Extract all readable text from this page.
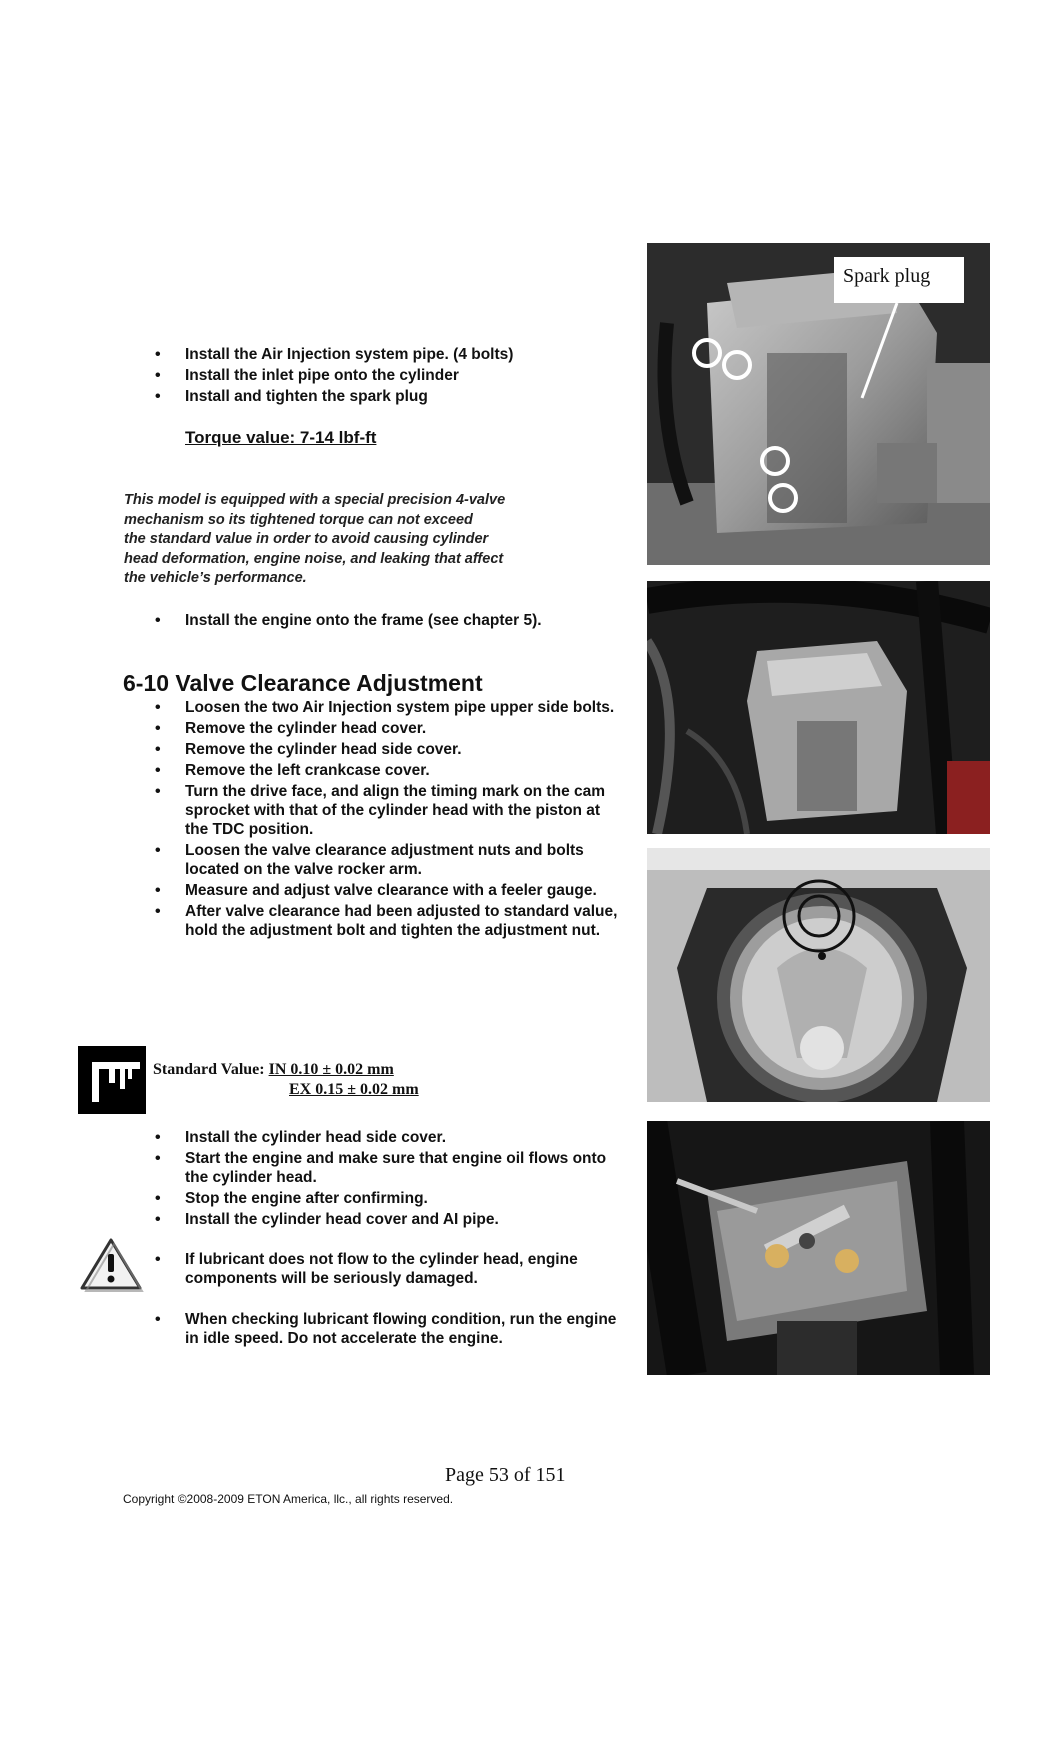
• Install the Air Injection system pipe. (4 bolts)
• Install the inlet pipe onto the cylinder
• Install and tighten the spark plug
Torque value: 7-14 lbf-ft
This model is equipped with a special precision 4-valve
mechanism so its tightened torque can not exceed
the standard value in order to avoid causing cylinder
head deformation, engine noise, and leaking that affect
the vehicle’s performance.
• Install the engine onto the frame (see chapter 5).
6-10 Valve Clearance Adjustment
• Loosen the two Air Injection system pipe upper side bolts.
• Remove the cylinder head cover.
• Remove the cylinder head side cover.
• Remove the left crankcase cover.
• Turn the drive face, and align the timing mark on the cam sprocket with that of the cylinder head with the piston at the TDC position.
• Loosen the valve clearance adjustment nuts and bolts located on the valve rocker arm.
• Measure and adjust valve clearance with a feeler gauge.
• After valve clearance had been adjusted to standard value, hold the adjustment bolt and tighten the adjustment nut.
Standard Value: IN 0.10 ± 0.02 mm
EX 0.15 ± 0.02 mm
• Install the cylinder head side cover.
• Start the engine and make sure that engine oil flows onto the cylinder head.
• Stop the engine after confirming.
• Install the cylinder head cover and AI pipe.
• If lubricant does not flow to the cylinder head, engine components will be seriously damaged.
• When checking lubricant flowing condition, run the engine in idle speed. Do not accelerate the engine.
Spark plug
Page 53 of 151
Copyright ©2008-2009 ETON America, llc., all rights reserved.
